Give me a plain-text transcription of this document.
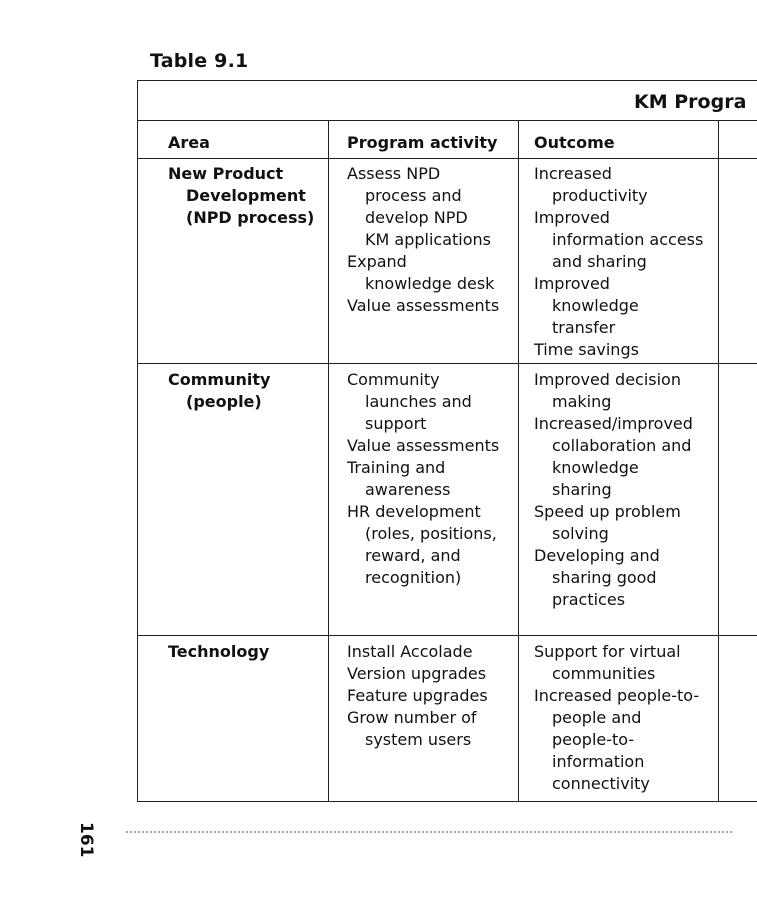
Table 9.1
KM Progra
Area	Program activity Outcome
New Product
Development
(NPD process)
Assess NPD
process and
develop NPD
KM applications
Expand
knowledge desk
Value assessments
Increased
productivity
Improved
information access
and sharing
Improved
knowledge
transfer
Time savings
Community
(people)
Community
launches and
support
Value assessments
Training and
awareness
HR development
(roles, positions,
reward, and
recognition)
Improved decision
making
Increased/improved
collaboration and
knowledge
sharing
Speed up problem
solving
Developing and
sharing good
practices
Technology	Install Accolade
Version upgrades
Feature upgrades
Grow number of
system users
Support for virtual
communities
Increased people-to-
people and
people-to-
information
connectivity
161
